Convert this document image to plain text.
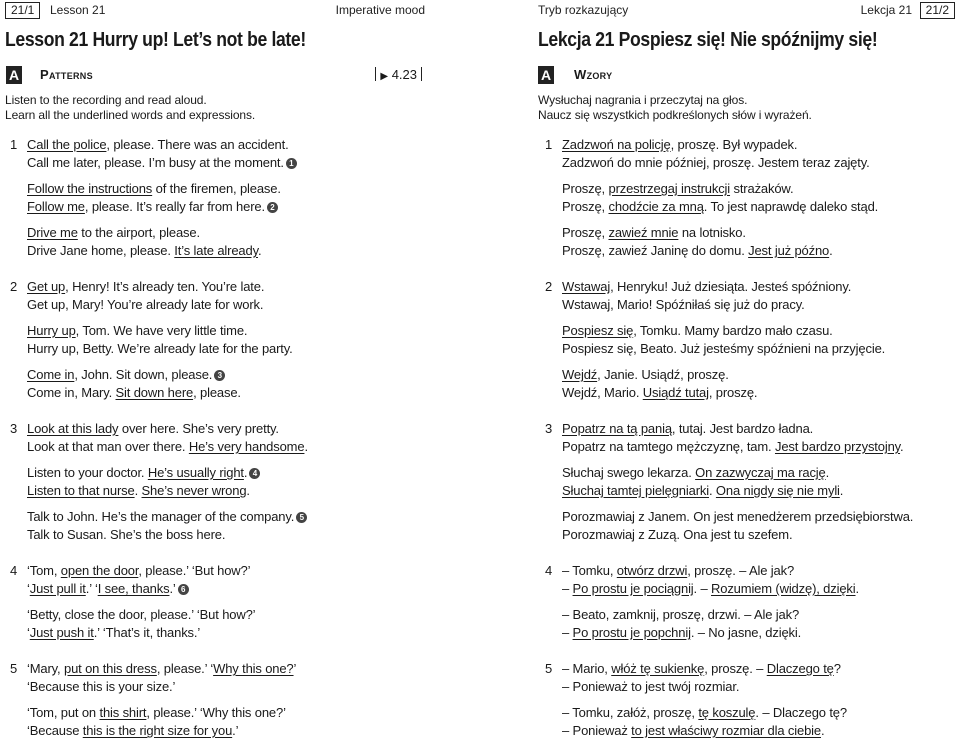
21/1	Lesson 21	Imperative mood
Lesson 21 Hurry up! Let’s not be late!
A Patterns	▶ 4.23
Listen to the recording and read aloud.
Learn all the underlined words and expressions.
1 Call the police, please. There was an accident.
Call me later, please. I’m busy at the moment. 1
Follow the instructions of the firemen, please.
Follow me, please. It’s really far from here. 2
Drive me to the airport, please.
Drive Jane home, please. It’s late already.
2 Get up, Henry! It’s already ten. You’re late.
Get up, Mary! You’re already late for work.
Hurry up, Tom. We have very little time.
Hurry up, Betty. We’re already late for the party.
Come in, John. Sit down, please. 3
Come in, Mary. Sit down here, please.
3 Look at this lady over here. She’s very pretty.
Look at that man over there. He’s very handsome.
Listen to your doctor. He’s usually right. 4
Listen to that nurse. She’s never wrong.
Talk to John. He’s the manager of the company. 5
Talk to Susan. She’s the boss here.
4 ‘Tom, open the door, please.’ ‘But how?’
‘Just pull it.’ ‘I see, thanks.’ 6
‘Betty, close the door, please.’ ‘But how?’
‘Just push it.’ ‘That’s it, thanks.’
5 ‘Mary, put on this dress, please.’ ‘Why this one?’
‘Because this is your size.’
‘Tom, put on this shirt, please.’ ‘Why this one?’
‘Because this is the right size for you.’
Tryb rozkazujący	Lekcja 21	21/2
Lekcja 21 Pospiesz się! Nie spóźnijmy się!
A Wzory
Wysłuchaj nagrania i przeczytaj na głos.
Naucz się wszystkich podkreślonych słów i wyrażeń.
1 Zadzwoń na policję, proszę. Był wypadek.
Zadzwoń do mnie później, proszę. Jestem teraz zajęty.
Proszę, przestrzegaj instrukcji strażaków.
Proszę, chodźcie za mną. To jest naprawdę daleko stąd.
Proszę, zawieź mnie na lotnisko.
Proszę, zawieź Janinę do domu. Jest już późno.
2 Wstawaj, Henryku! Już dziesiąta. Jesteś spóźniony.
Wstawaj, Mario! Spóźniłaś się już do pracy.
Pospiesz się, Tomku. Mamy bardzo mało czasu.
Pospiesz się, Beato. Już jesteśmy spóźnieni na przyjęcie.
Wejdź, Janie. Usiądź, proszę.
Wejdź, Mario. Usiądź tutaj, proszę.
3 Popatrz na tą panią, tutaj. Jest bardzo ładna.
Popatrz na tamtego mężczyznę, tam. Jest bardzo przystojny.
Słuchaj swego lekarza. On zazwyczaj ma rację.
Słuchaj tamtej pielęgniarki. Ona nigdy się nie myli.
Porozmawiaj z Janem. On jest menedżerem przedsiębiorstwa.
Porozmawiaj z Zuzą. Ona jest tu szefem.
4 – Tomku, otwórz drzwi, proszę. – Ale jak?
– Po prostu je pociągnij. – Rozumiem (widzę), dzięki.
– Beato, zamknij, proszę, drzwi. – Ale jak?
– Po prostu je popchnij. – No jasne, dzięki.
5 – Mario, włóż tę sukienkę, proszę. – Dlaczego tę?
– Ponieważ to jest twój rozmiar.
– Tomku, załóż, proszę, tę koszulę. – Dlaczego tę?
– Ponieważ to jest właściwy rozmiar dla ciebie.
